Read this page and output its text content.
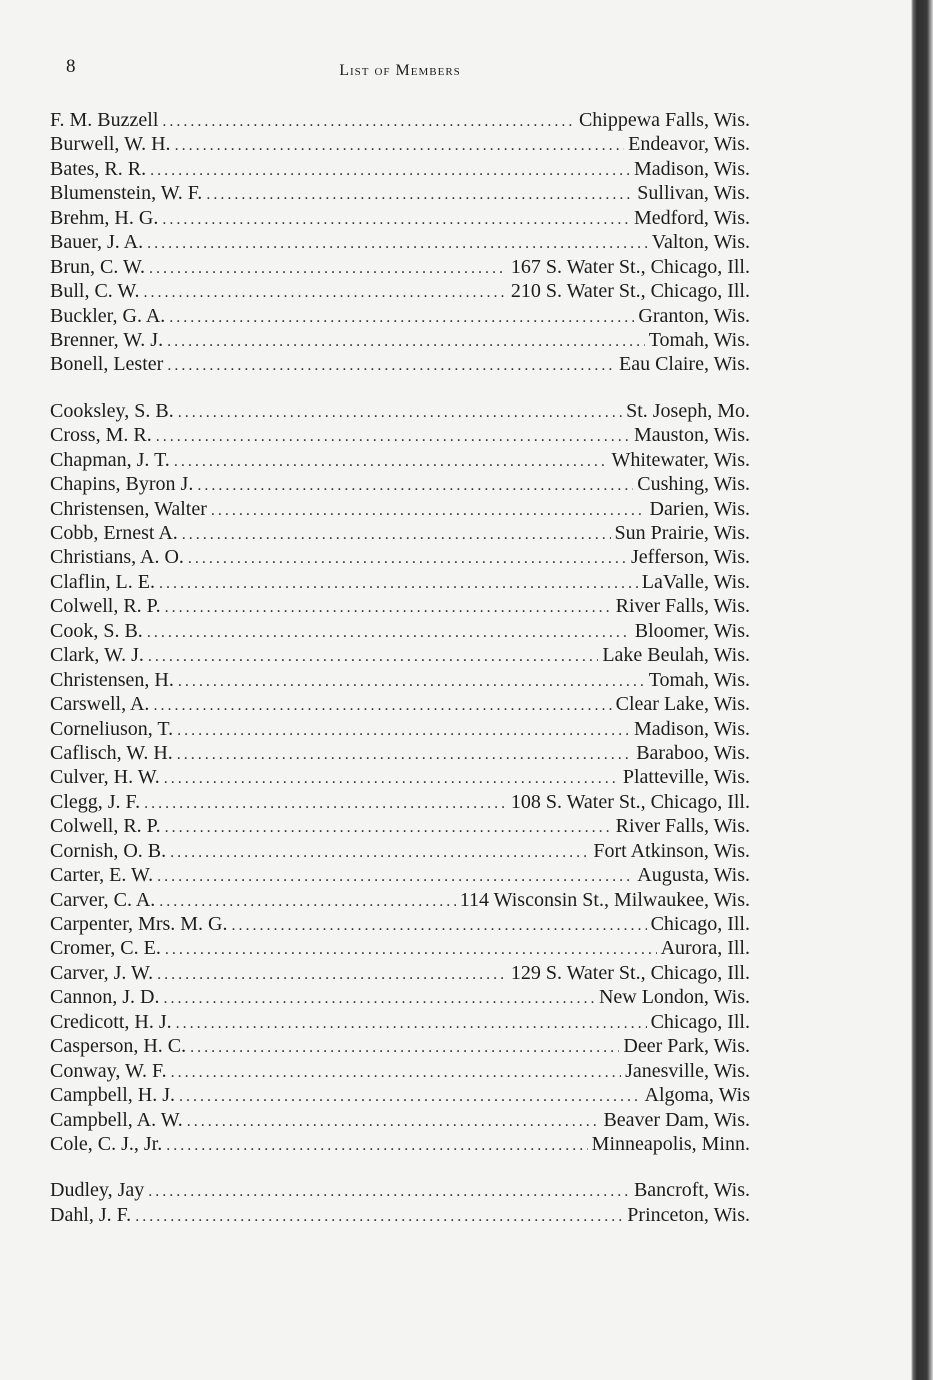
8	List of Members
F. M. Buzzell .....	Chippewa Falls, Wis.
Burwell, W. H. .....	Endeavor, Wis.
Bates, R. R. .....	Madison, Wis.
Blumenstein, W. F. .....	Sullivan, Wis.
Brehm, H. G. .....	Medford, Wis.
Bauer, J. A. .....	Valton, Wis.
Brun, C. W. .....	167 S. Water St., Chicago, Ill.
Bull, C. W. .....	210 S. Water St., Chicago, Ill.
Buckler, G. A. .....	Granton, Wis.
Brenner, W. J. .....	Tomah, Wis.
Bonell, Lester .....	Eau Claire, Wis.
Cooksley, S. B. .....	St. Joseph, Mo.
Cross, M. R. .....	Mauston, Wis.
Chapman, J. T. .....	Whitewater, Wis.
Chapins, Byron J. .....	Cushing, Wis.
Christensen, Walter .....	Darien, Wis.
Cobb, Ernest A. .....	Sun Prairie, Wis.
Christians, A. O. .....	Jefferson, Wis.
Claflin, L. E. .....	LaValle, Wis.
Colwell, R. P. .....	River Falls, Wis.
Cook, S. B. .....	Bloomer, Wis.
Clark, W. J. .....	Lake Beulah, Wis.
Christensen, H. .....	Tomah, Wis.
Carswell, A. .....	Clear Lake, Wis.
Corneliuson, T. .....	Madison, Wis.
Caflisch, W. H. .....	Baraboo, Wis.
Culver, H. W. .....	Platteville, Wis.
Clegg, J. F. .....	108 S. Water St., Chicago, Ill.
Colwell, R. P. .....	River Falls, Wis.
Cornish, O. B. .....	Fort Atkinson, Wis.
Carter, E. W. .....	Augusta, Wis.
Carver, C. A. .....	114 Wisconsin St., Milwaukee, Wis.
Carpenter, Mrs. M. G. .....	Chicago, Ill.
Cromer, C. E. .....	Aurora, Ill.
Carver, J. W. .....	129 S. Water St., Chicago, Ill.
Cannon, J. D. .....	New London, Wis.
Credicott, H. J. .....	Chicago, Ill.
Casperson, H. C. .....	Deer Park, Wis.
Conway, W. F. .....	Janesville, Wis.
Campbell, H. J. .....	Algoma, Wis
Campbell, A. W. .....	Beaver Dam, Wis.
Cole, C. J., Jr. .....	Minneapolis, Minn.
Dudley, Jay .....	Bancroft, Wis.
Dahl, J. F. .....	Princeton, Wis.
